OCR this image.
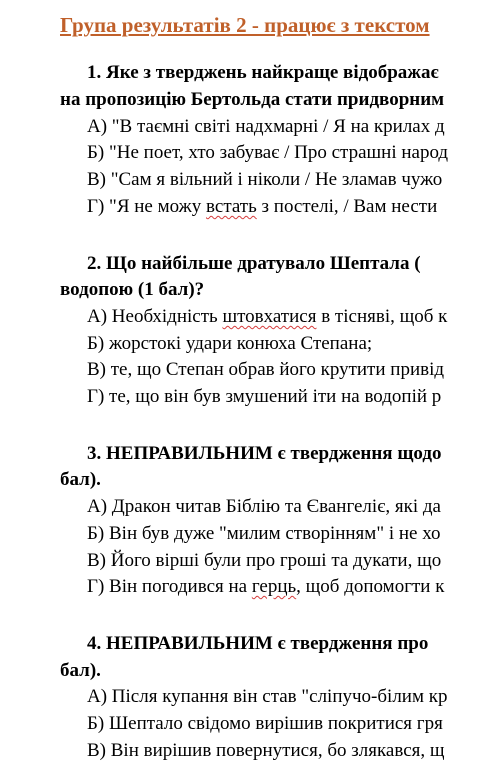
Група результатів 2 - працює з текстом
1. Яке з тверджень найкраще відображає
на пропозицію Бертольда стати придворним
А) "В таємні світі надхмарні / Я на крилах д
Б) "Не поет, хто забуває / Про страшні народ
В) "Сам я вільний і ніколи / Не зламав чужо
Г) "Я не можу встать з постелі, / Вам нести
2. Що найбільше дратувало Шептала (
водопою (1 бал)?
А) Необхідність штовхатися в тісняві, щоб к
Б) жорстокі удари конюха Степана;
В) те, що Степан обрав його крутити привід
Г) те, що він був змушений іти на водопій р
3. НЕПРАВИЛЬНИМ є твердження щодо
бал).
А) Дракон читав Біблію та Євангеліє, які да
Б) Він був дуже "милим створінням" і не хо
В) Його вірші були про гроші та дукати, що
Г) Він погодився на герць, щоб допомогти к
4. НЕПРАВИЛЬНИМ є твердження про
бал).
А) Після купання він став "сліпучо-білим кр
Б) Шептало свідомо вирішив покритися гря
В) Він вирішив повернутися, бо злякався, щ
